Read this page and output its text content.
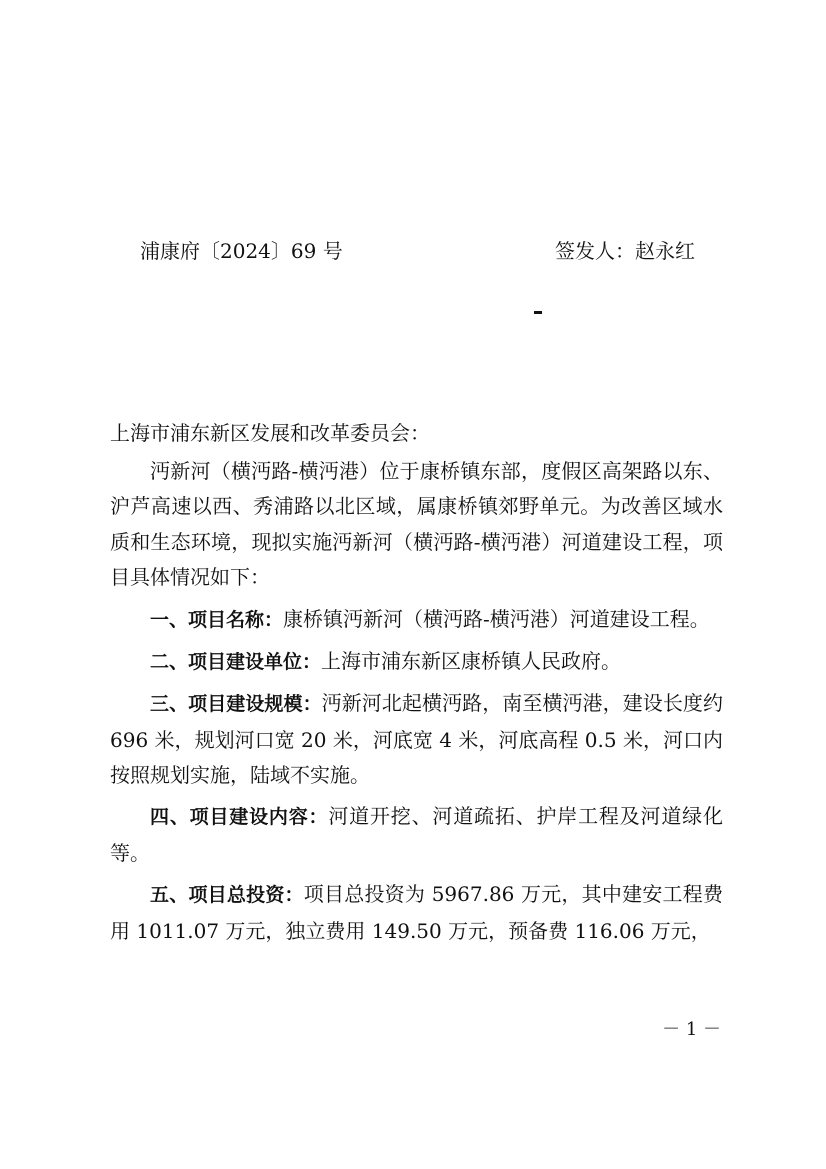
浦康府〔2024〕69 号	签发人：赵永红

上海市浦东新区发展和改革委员会：

沔新河（横沔路-横沔港）位于康桥镇东部，度假区高架路以东、沪芦高速以西、秀浦路以北区域，属康桥镇郊野单元。为改善区域水质和生态环境，现拟实施沔新河（横沔路-横沔港）河道建设工程，项目具体情况如下：

一、项目名称：康桥镇沔新河（横沔路-横沔港）河道建设工程。

二、项目建设单位：上海市浦东新区康桥镇人民政府。

三、项目建设规模：沔新河北起横沔路，南至横沔港，建设长度约 696 米，规划河口宽 20 米，河底宽 4 米，河底高程 0.5 米，河口内按照规划实施，陆域不实施。

四、项目建设内容：河道开挖、河道疏拓、护岸工程及河道绿化等。

五、项目总投资：项目总投资为 5967.86 万元，其中建安工程费用 1011.07 万元，独立费用 149.50 万元，预备费 116.06 万元，

－ 1 －
